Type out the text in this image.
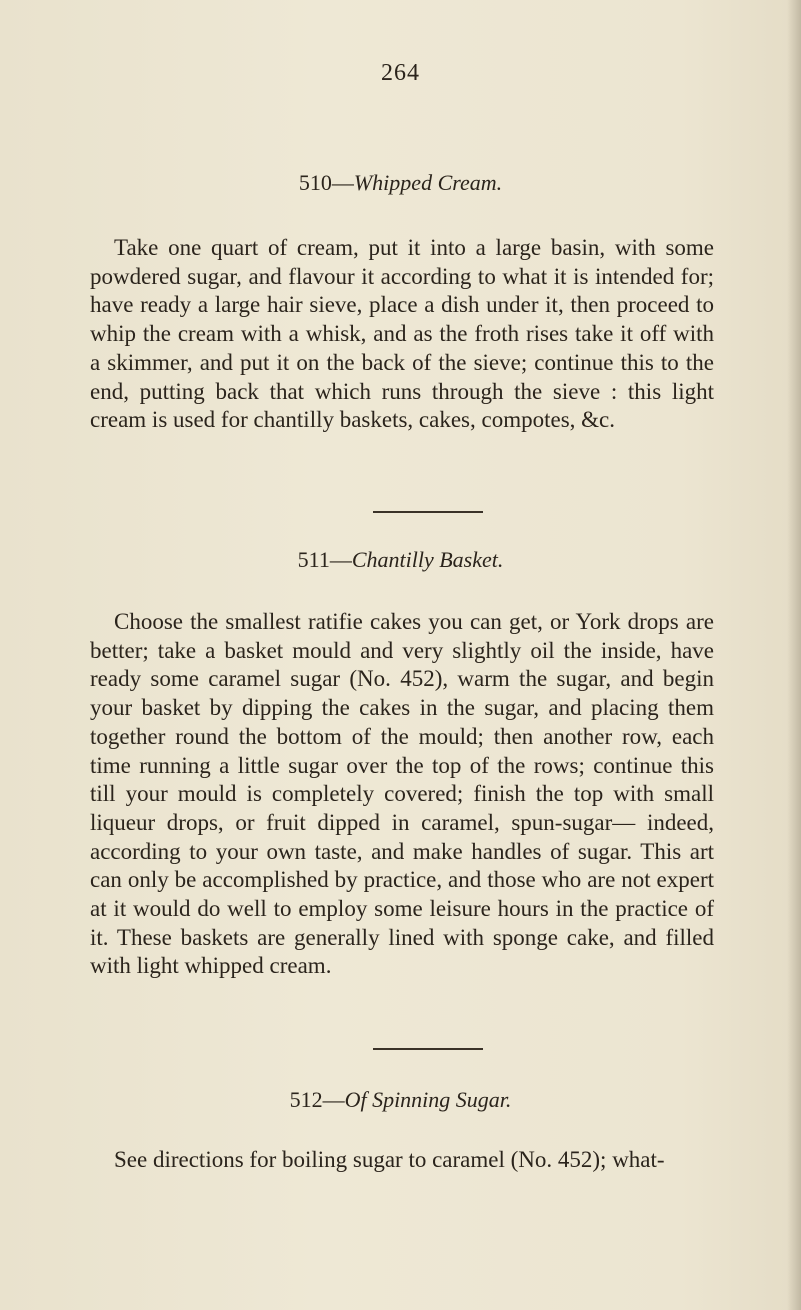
264
510—Whipped Cream.

Take one quart of cream, put it into a large basin, with some powdered sugar, and flavour it according to what it is intended for; have ready a large hair sieve, place a dish under it, then proceed to whip the cream with a whisk, and as the froth rises take it off with a skimmer, and put it on the back of the sieve; continue this to the end, putting back that which runs through the sieve : this light cream is used for chantilly baskets, cakes, compotes, &c.

511—Chantilly Basket.

Choose the smallest ratifie cakes you can get, or York drops are better; take a basket mould and very slightly oil the inside, have ready some caramel sugar (No. 452), warm the sugar, and begin your basket by dipping the cakes in the sugar, and placing them together round the bottom of the mould; then another row, each time running a little sugar over the top of the rows; continue this till your mould is completely covered; finish the top with small liqueur drops, or fruit dipped in caramel, spun-sugar— indeed, according to your own taste, and make handles of sugar. This art can only be accomplished by practice, and those who are not expert at it would do well to employ some leisure hours in the practice of it. These baskets are generally lined with sponge cake, and filled with light whipped cream.

512—Of Spinning Sugar.

See directions for boiling sugar to caramel (No. 452); what-
